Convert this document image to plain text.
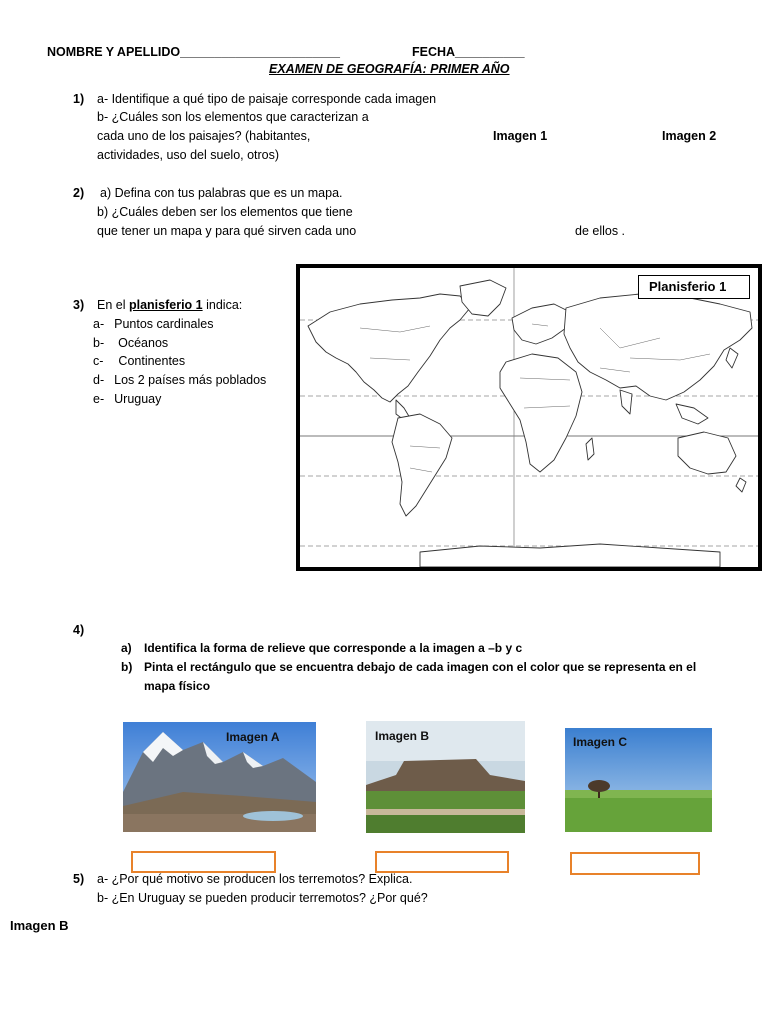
NOMBRE Y APELLIDO_______________________	FECHA__________
EXAMEN DE GEOGRAFÍA: PRIMER AÑO
1) a- Identifique a qué tipo de paisaje corresponde cada imagen
b- ¿Cuáles son los elementos que caracterizan a
cada uno de los paisajes? (habitantes,
actividades, uso del suelo, otros)
Imagen 1	Imagen 2
2) a) Defina con tus palabras que es un mapa.
b) ¿Cuáles deben ser los elementos que tiene
que tener un mapa y para qué sirven cada uno	de ellos .
3) En el planisferio 1 indica:
a- Puntos cardinales
b- Océanos
c- Continentes
d- Los 2 países más poblados
e- Uruguay
Planisferio 1
4)
a) Identifica la forma de relieve que corresponde a la imagen a –b y c
b) Pinta el rectángulo que se encuentra debajo de cada imagen con el color que se representa en el
mapa físico
Imagen A	Imagen B	Imagen C
5) a- ¿Por qué motivo se producen los terremotos? Explica.
b- ¿En Uruguay se pueden producir terremotos? ¿Por qué?
Imagen B
